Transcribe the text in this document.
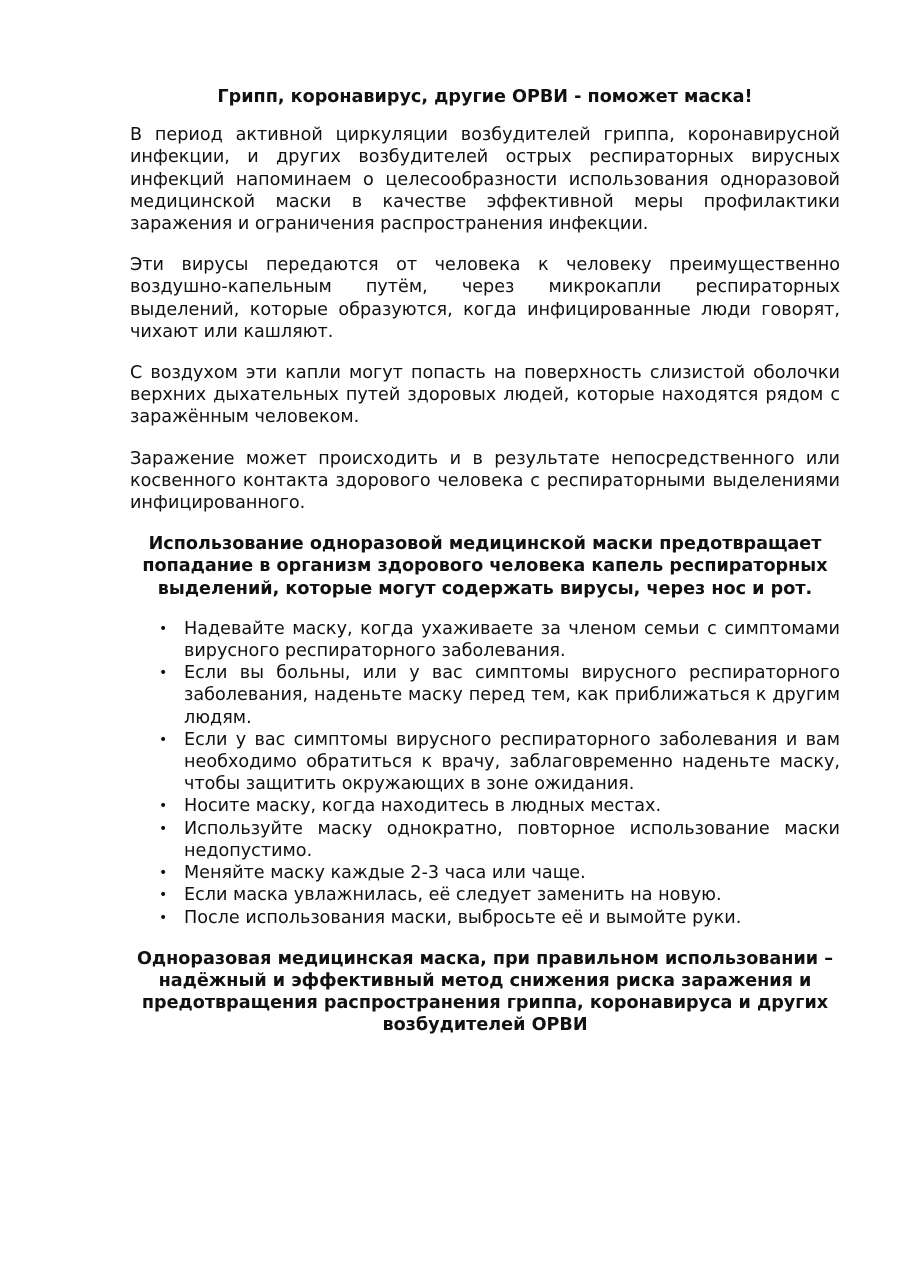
Грипп, коронавирус, другие ОРВИ - поможет маска!
В период активной циркуляции возбудителей гриппа, коронавирусной инфекции, и других возбудителей острых респираторных вирусных инфекций напоминаем о целесообразности использования одноразовой медицинской маски в качестве эффективной меры профилактики заражения и ограничения распространения инфекции.
Эти вирусы передаются от человека к человеку преимущественно воздушно-капельным путём, через микрокапли респираторных выделений, которые образуются, когда инфицированные люди говорят, чихают или кашляют.
С воздухом эти капли могут попасть на поверхность слизистой оболочки верхних дыхательных путей здоровых людей, которые находятся рядом с заражённым человеком.
Заражение может происходить и в результате непосредственного или косвенного контакта здорового человека с респираторными выделениями инфицированного.
Использование одноразовой медицинской маски предотвращает попадание в организм здорового человека капель респираторных выделений, которые могут содержать вирусы, через нос и рот.
• Надевайте маску, когда ухаживаете за членом семьи с симптомами вирусного респираторного заболевания.
• Если вы больны, или у вас симптомы вирусного респираторного заболевания, наденьте маску перед тем, как приближаться к другим людям.
• Если у вас симптомы вирусного респираторного заболевания и вам необходимо обратиться к врачу, заблаговременно наденьте маску, чтобы защитить окружающих в зоне ожидания.
• Носите маску, когда находитесь в людных местах.
• Используйте маску однократно, повторное использование маски недопустимо.
• Меняйте маску каждые 2-3 часа или чаще.
• Если маска увлажнилась, её следует заменить на новую.
• После использования маски, выбросьте её и вымойте руки.
Одноразовая медицинская маска, при правильном использовании – надёжный и эффективный метод снижения риска заражения и предотвращения распространения гриппа, коронавируса и других возбудителей ОРВИ
